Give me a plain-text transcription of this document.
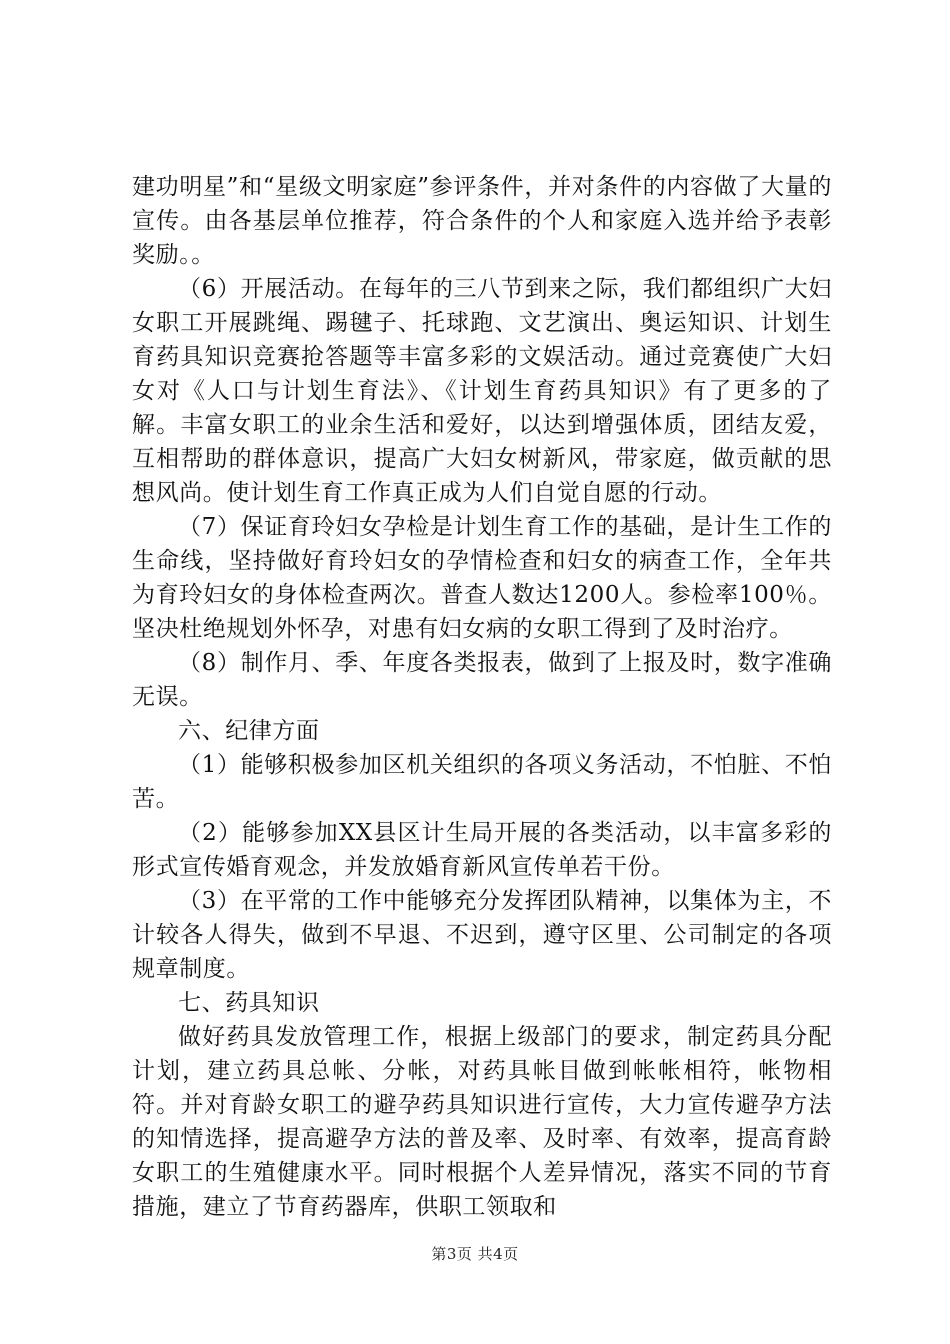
建功明星”和“星级文明家庭”参评条件，并对条件的内容做了大量的宣传。由各基层单位推荐，符合条件的个人和家庭入选并给予表彰奖励。。

（6）开展活动。在每年的三八节到来之际，我们都组织广大妇女职工开展跳绳、踢毽子、托球跑、文艺演出、奥运知识、计划生育药具知识竞赛抢答题等丰富多彩的文娱活动。通过竞赛使广大妇女对《人口与计划生育法》、《计划生育药具知识》有了更多的了解。丰富女职工的业余生活和爱好，以达到增强体质，团结友爱，互相帮助的群体意识，提高广大妇女树新风，带家庭，做贡献的思想风尚。使计划生育工作真正成为人们自觉自愿的行动。

（7）保证育玲妇女孕检是计划生育工作的基础，是计生工作的生命线，坚持做好育玲妇女的孕情检查和妇女的病查工作，全年共为育玲妇女的身体检查两次。普查人数达1200人。参检率100％。坚决杜绝规划外怀孕，对患有妇女病的女职工得到了及时治疗。

（8）制作月、季、年度各类报表，做到了上报及时，数字准确无误。

六、纪律方面

（1）能够积极参加区机关组织的各项义务活动，不怕脏、不怕苦。

（2）能够参加XX县区计生局开展的各类活动，以丰富多彩的形式宣传婚育观念，并发放婚育新风宣传单若干份。

（3）在平常的工作中能够充分发挥团队精神，以集体为主，不计较各人得失，做到不早退、不迟到，遵守区里、公司制定的各项规章制度。

七、药具知识

做好药具发放管理工作，根据上级部门的要求，制定药具分配计划，建立药具总帐、分帐，对药具帐目做到帐帐相符，帐物相符。并对育龄女职工的避孕药具知识进行宣传，大力宣传避孕方法的知情选择，提高避孕方法的普及率、及时率、有效率，提高育龄女职工的生殖健康水平。同时根据个人差异情况，落实不同的节育措施，建立了节育药器库，供职工领取和

第3页 共4页
